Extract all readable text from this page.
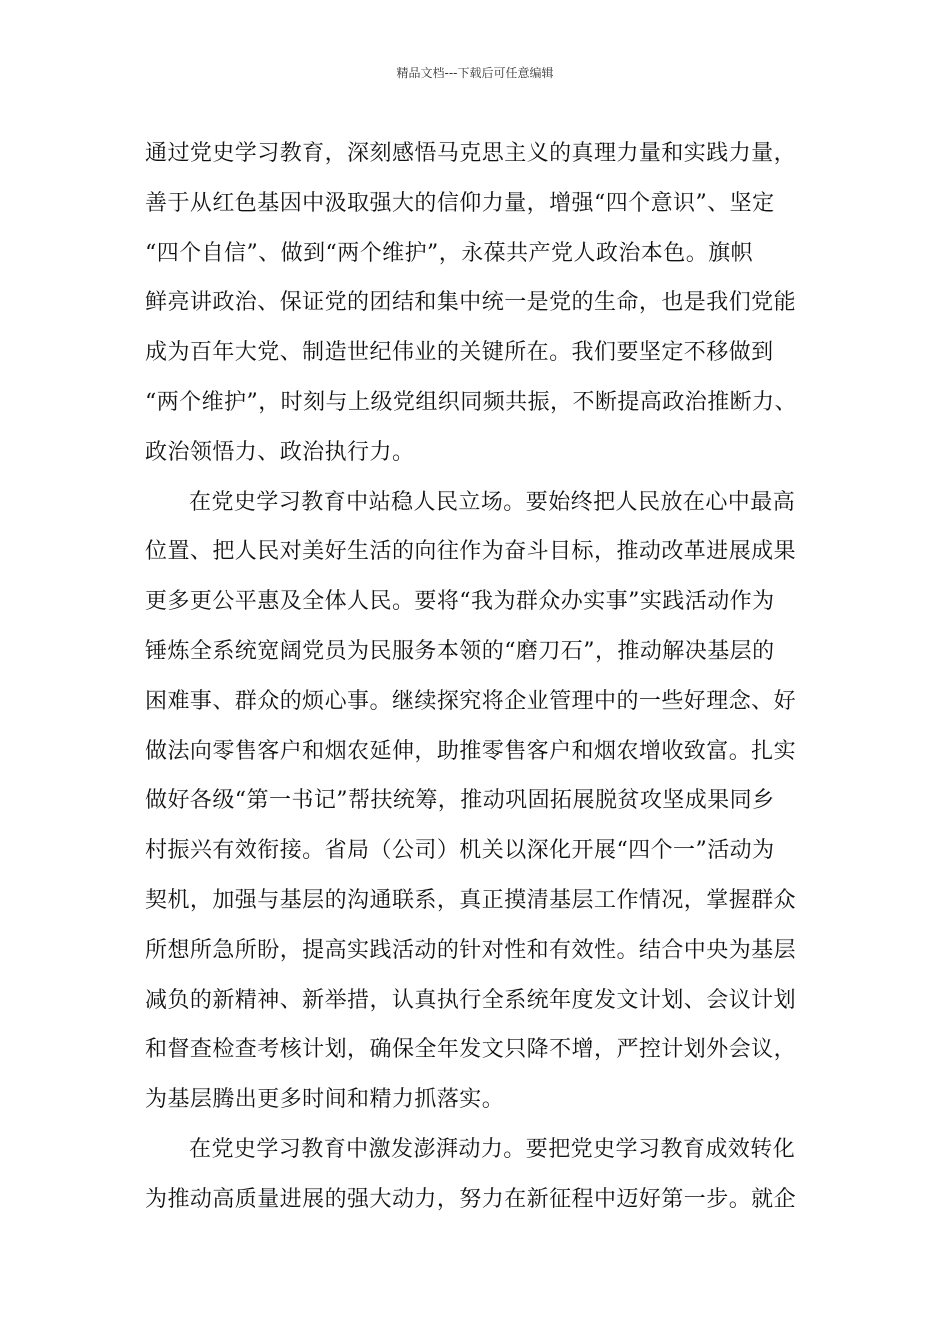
精品文档---下载后可任意编辑
通过党史学习教育，深刻感悟马克思主义的真理力量和实践力量，
善于从红色基因中汲取强大的信仰力量，增强“四个意识”、坚定
“四个自信”、做到“两个维护”，永葆共产党人政治本色。旗帜
鲜亮讲政治、保证党的团结和集中统一是党的生命，也是我们党能
成为百年大党、制造世纪伟业的关键所在。我们要坚定不移做到
“两个维护”，时刻与上级党组织同频共振，不断提高政治推断力、
政治领悟力、政治执行力。
在党史学习教育中站稳人民立场。要始终把人民放在心中最高
位置、把人民对美好生活的向往作为奋斗目标，推动改革进展成果
更多更公平惠及全体人民。要将“我为群众办实事”实践活动作为
锤炼全系统宽阔党员为民服务本领的“磨刀石”，推动解决基层的
困难事、群众的烦心事。继续探究将企业管理中的一些好理念、好
做法向零售客户和烟农延伸，助推零售客户和烟农增收致富。扎实
做好各级“第一书记”帮扶统筹，推动巩固拓展脱贫攻坚成果同乡
村振兴有效衔接。省局（公司）机关以深化开展“四个一”活动为
契机，加强与基层的沟通联系，真正摸清基层工作情况，掌握群众
所想所急所盼，提高实践活动的针对性和有效性。结合中央为基层
减负的新精神、新举措，认真执行全系统年度发文计划、会议计划
和督查检查考核计划，确保全年发文只降不增，严控计划外会议，
为基层腾出更多时间和精力抓落实。
在党史学习教育中激发澎湃动力。要把党史学习教育成效转化
为推动高质量进展的强大动力，努力在新征程中迈好第一步。就企
